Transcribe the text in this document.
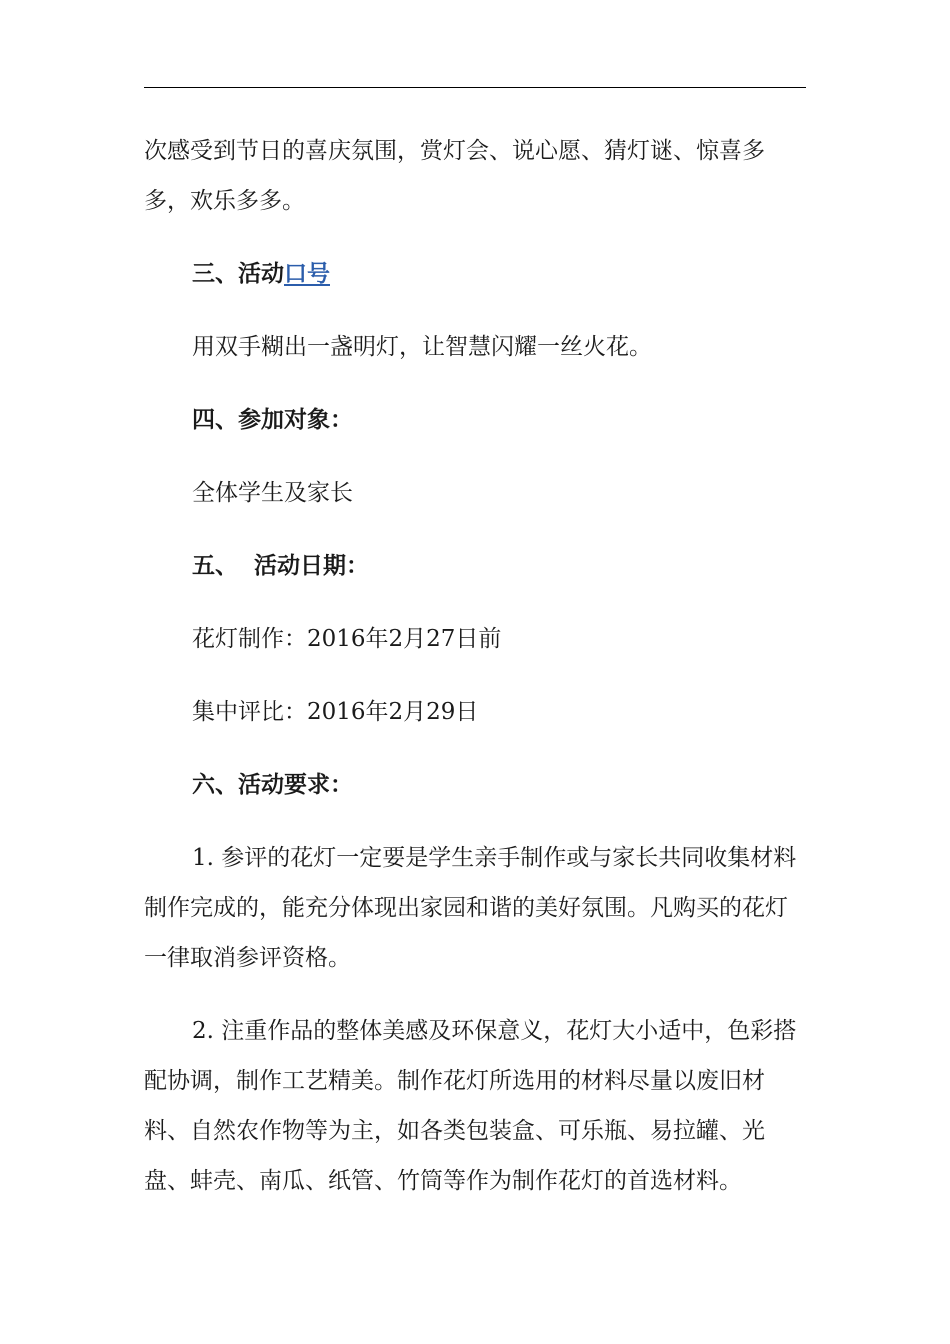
次感受到节日的喜庆氛围，赏灯会、说心愿、猜灯谜、惊喜多多，欢乐多多。

三、活动口号

用双手糊出一盏明灯，让智慧闪耀一丝火花。

四、参加对象：

全体学生及家长

五、  活动日期：

花灯制作：2016年2月27日前

集中评比：2016年2月29日

六、活动要求：

1. 参评的花灯一定要是学生亲手制作或与家长共同收集材料制作完成的，能充分体现出家园和谐的美好氛围。凡购买的花灯一律取消参评资格。

2. 注重作品的整体美感及环保意义，花灯大小适中，色彩搭配协调，制作工艺精美。制作花灯所选用的材料尽量以废旧材料、自然农作物等为主，如各类包装盒、可乐瓶、易拉罐、光盘、蚌壳、南瓜、纸管、竹筒等作为制作花灯的首选材料。
